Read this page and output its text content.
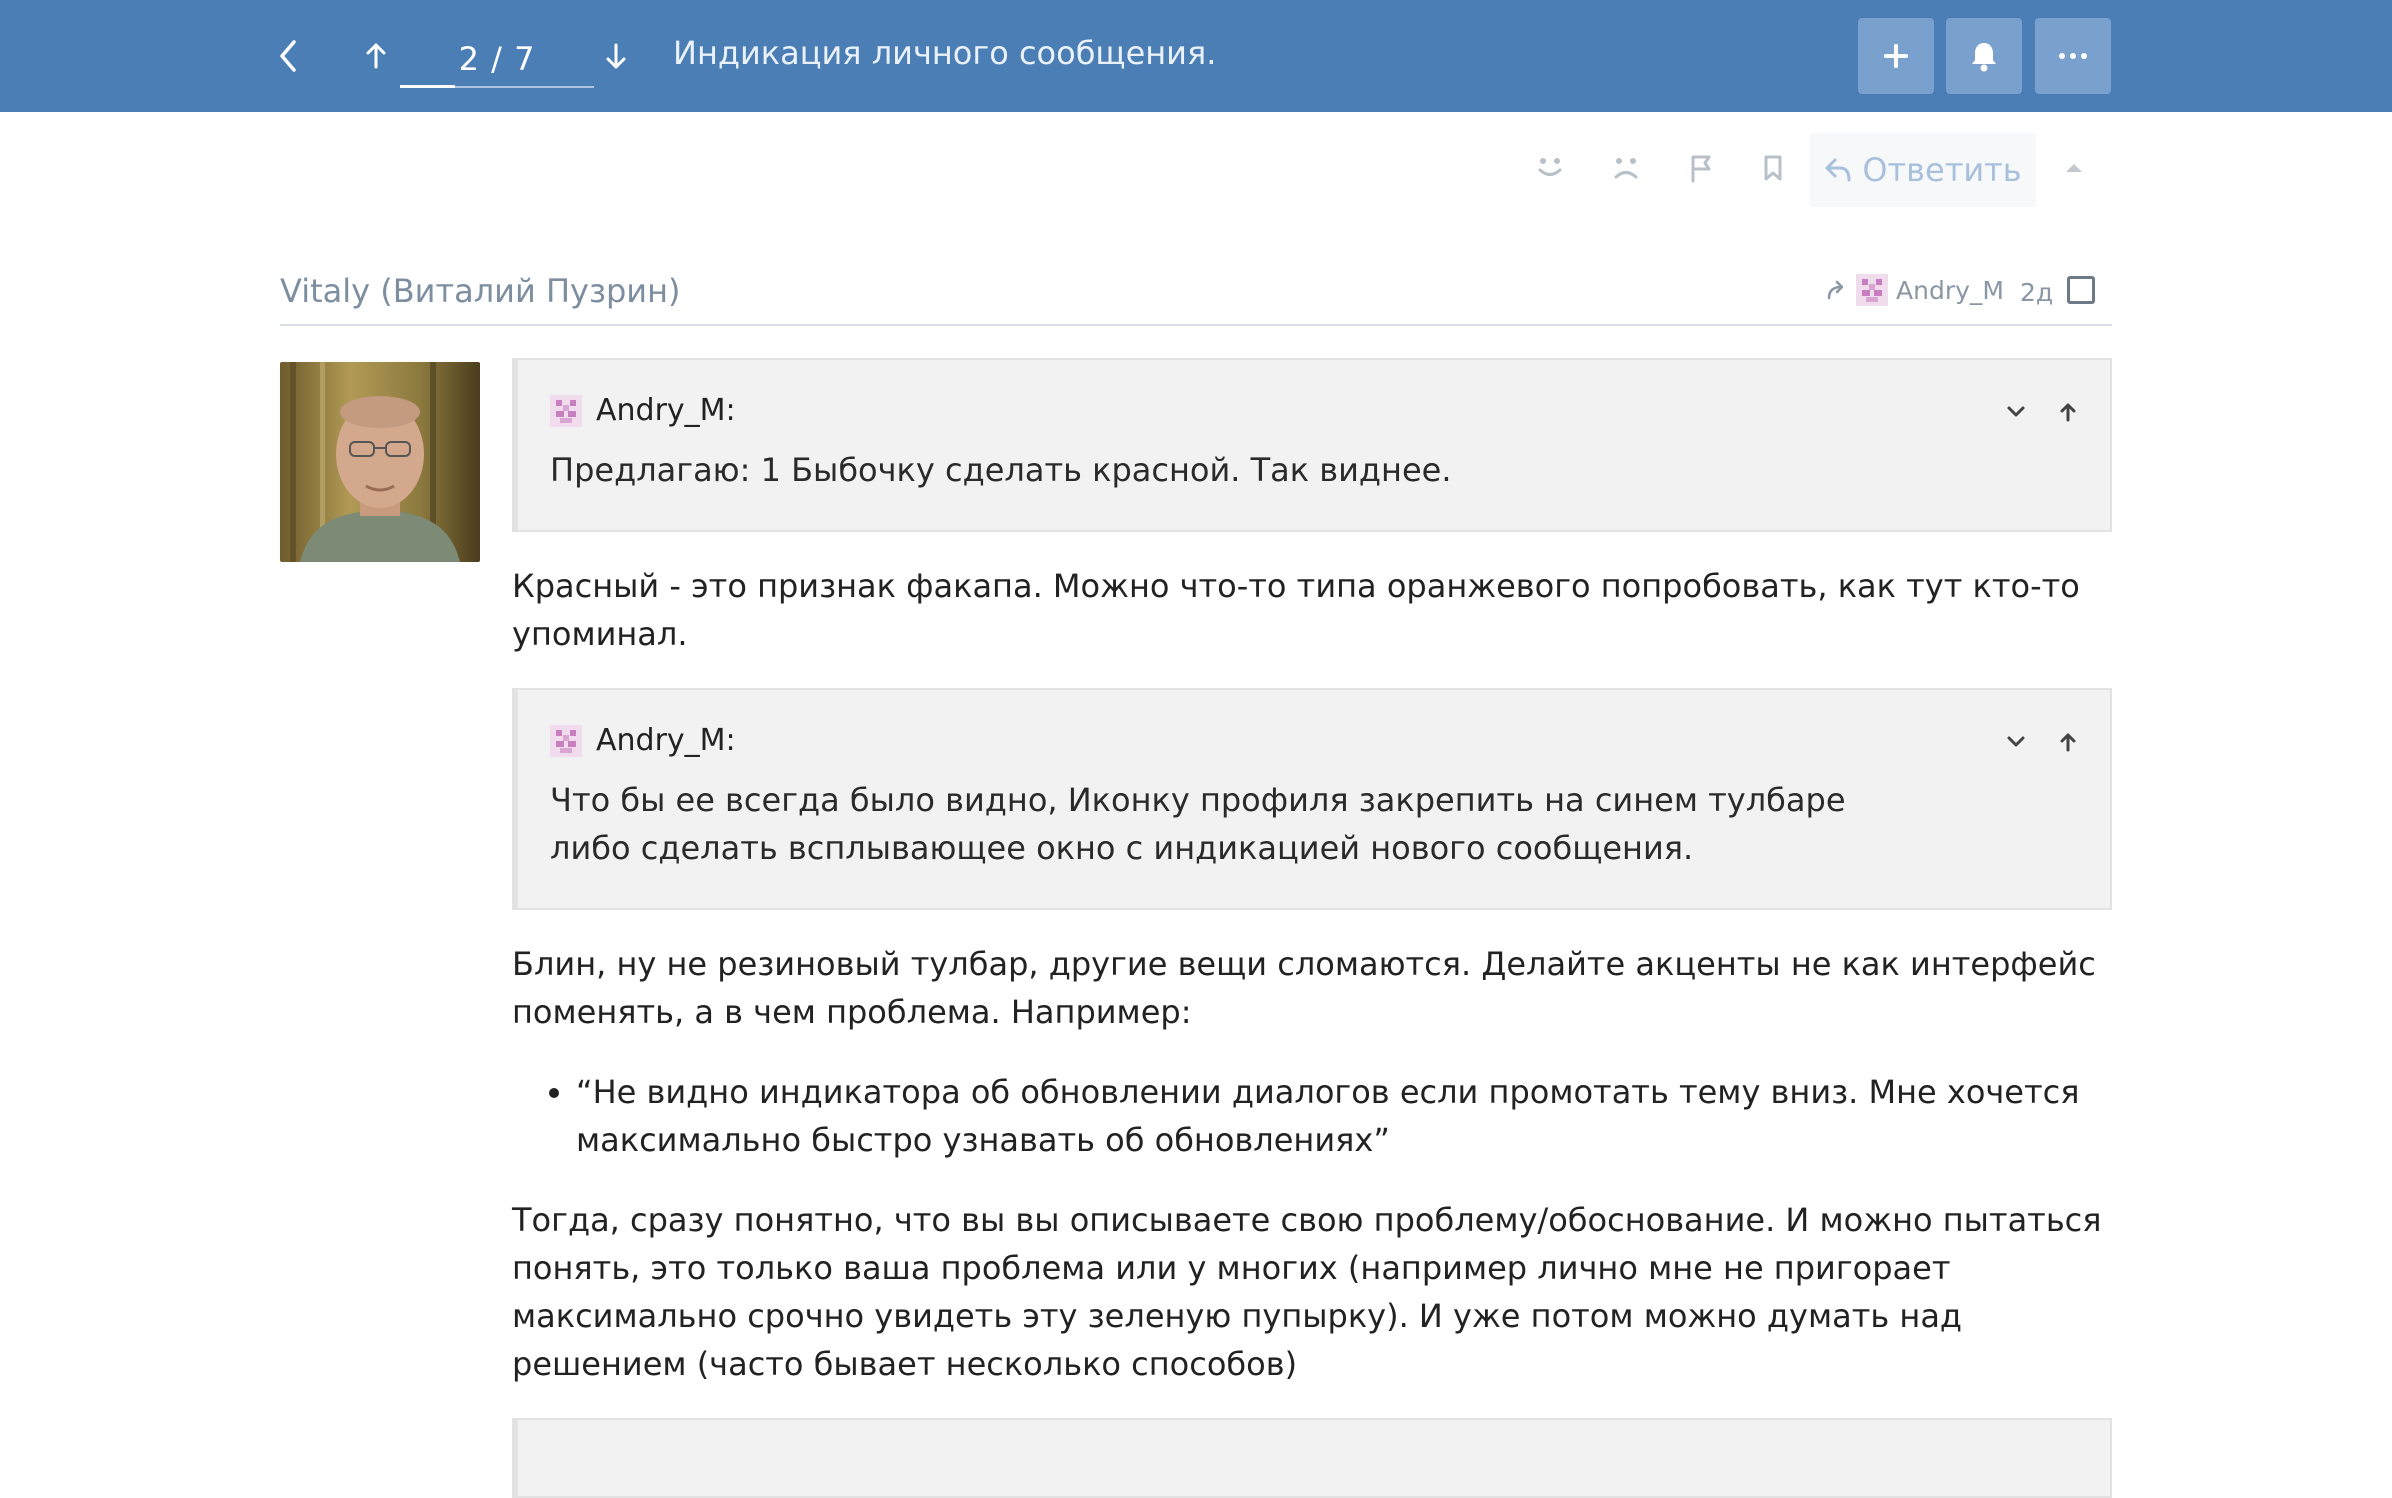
2 / 7	Индикация личного сообщения.
Ответить
Vitaly (Виталий Пузрин)	Andry_M 2д
Andry_M:
Предлагаю: 1 Быбочку сделать красной. Так виднее.

Красный - это признак факапа. Можно что-то типа оранжевого попробовать, как тут кто-то упоминал.

Andry_M:
Что бы ее всегда было видно, Иконку профиля закрепить на синем тулбаре либо сделать всплывающее окно с индикацией нового сообщения.

Блин, ну не резиновый тулбар, другие вещи сломаются. Делайте акценты не как интерфейс поменять, а в чем проблема. Например:

• “Не видно индикатора об обновлении диалогов если промотать тему вниз. Мне хочется максимально быстро узнавать об обновлениях”

Тогда, сразу понятно, что вы вы описываете свою проблему/обоснование. И можно пытаться понять, это только ваша проблема или у многих (например лично мне не пригорает максимально срочно увидеть эту зеленую пупырку). И уже потом можно думать над решением (часто бывает несколько способов)
